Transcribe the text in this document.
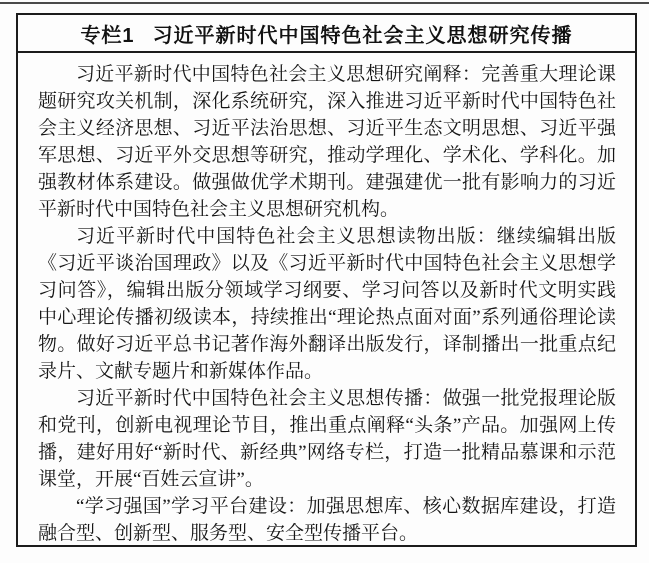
专栏1 习近平新时代中国特色社会主义思想研究传播

习近平新时代中国特色社会主义思想研究阐释：完善重大理论课题研究攻关机制，深化系统研究，深入推进习近平新时代中国特色社会主义经济思想、习近平法治思想、习近平生态文明思想、习近平强军思想、习近平外交思想等研究，推动学理化、学术化、学科化。加强教材体系建设。做强做优学术期刊。建强建优一批有影响力的习近平新时代中国特色社会主义思想研究机构。

习近平新时代中国特色社会主义思想读物出版：继续编辑出版《习近平谈治国理政》以及《习近平新时代中国特色社会主义思想学习问答》，编辑出版分领域学习纲要、学习问答以及新时代文明实践中心理论传播初级读本，持续推出“理论热点面对面”系列通俗理论读物。做好习近平总书记著作海外翻译出版发行，译制播出一批重点纪录片、文献专题片和新媒体作品。

习近平新时代中国特色社会主义思想传播：做强一批党报理论版和党刊，创新电视理论节目，推出重点阐释“头条”产品。加强网上传播，建好用好“新时代、新经典”网络专栏，打造一批精品慕课和示范课堂，开展“百姓云宣讲”。

“学习强国”学习平台建设：加强思想库、核心数据库建设，打造融合型、创新型、服务型、安全型传播平台。
